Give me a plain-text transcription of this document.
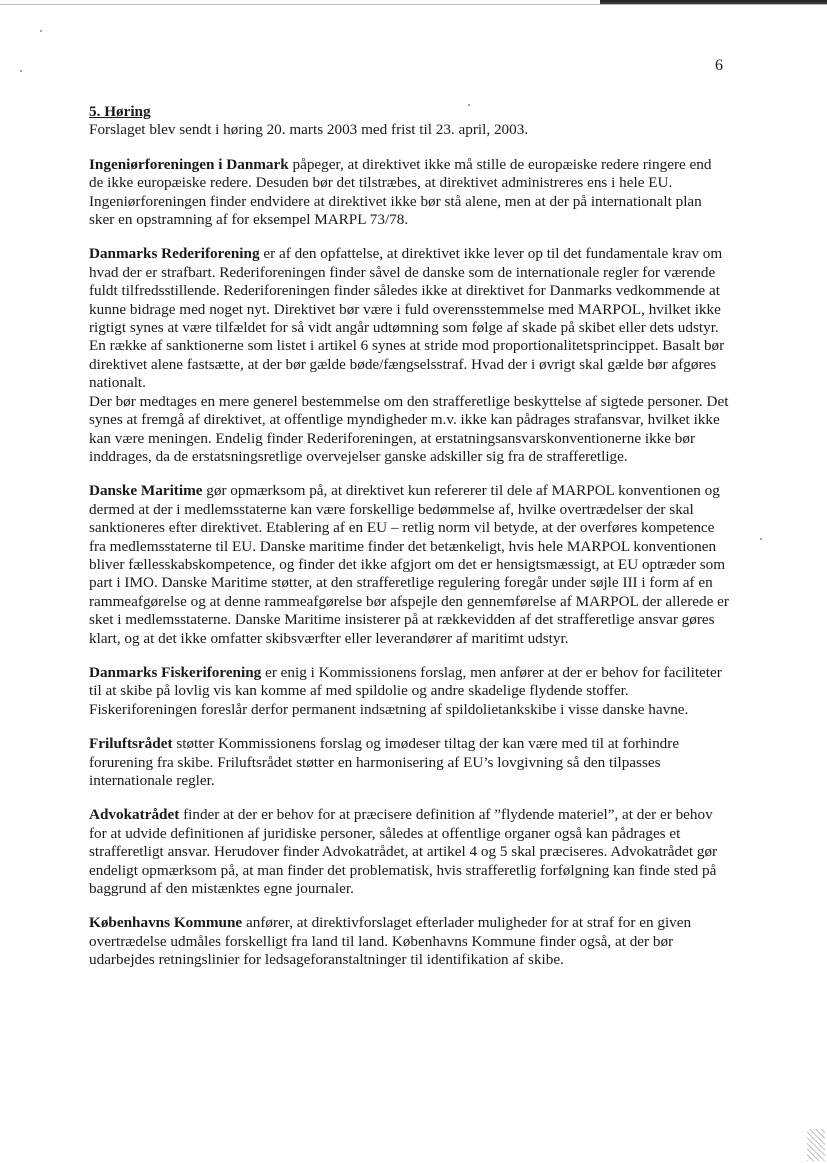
6

5. Høring
Forslaget blev sendt i høring 20. marts 2003 med frist til 23. april, 2003.

Ingeniørforeningen i Danmark påpeger, at direktivet ikke må stille de europæiske redere ringere end de ikke europæiske redere. Desuden bør det tilstræbes, at direktivet administreres ens i hele EU. Ingeniørforeningen finder endvidere at direktivet ikke bør stå alene, men at der på internationalt plan sker en opstramning af for eksempel MARPL 73/78.

Danmarks Rederiforening er af den opfattelse, at direktivet ikke lever op til det fundamentale krav om hvad der er strafbart. Rederiforeningen finder såvel de danske som de internationale regler for værende fuldt tilfredsstillende. Rederiforeningen finder således ikke at direktivet for Danmarks vedkommende at kunne bidrage med noget nyt. Direktivet bør være i fuld overensstemmelse med MARPOL, hvilket ikke rigtigt synes at være tilfældet for så vidt angår udtømning som følge af skade på skibet eller dets udstyr. En række af sanktionerne som listet i artikel 6 synes at stride mod proportionalitetsprincippet. Basalt bør direktivet alene fastsætte, at der bør gælde bøde/fængselsstraf. Hvad der i øvrigt skal gælde bør afgøres nationalt.

Der bør medtages en mere generel bestemmelse om den strafferetlige beskyttelse af sigtede personer. Det synes at fremgå af direktivet, at offentlige myndigheder m.v. ikke kan pådrages strafansvar, hvilket ikke kan være meningen. Endelig finder Rederiforeningen, at erstatningsansvarskonventionerne ikke bør inddrages, da de erstatsningsretlige overvejelser ganske adskiller sig fra de strafferetlige.

Danske Maritime gør opmærksom på, at direktivet kun refererer til dele af MARPOL konventionen og dermed at der i medlemsstaterne kan være forskellige bedømmelse af, hvilke overtrædelser der skal sanktioneres efter direktivet. Etablering af en EU – retlig norm vil betyde, at der overføres kompetence fra medlemsstaterne til EU. Danske maritime finder det betænkeligt, hvis hele MARPOL konventionen bliver fællesskabskompetence, og finder det ikke afgjort om det er hensigtsmæssigt, at EU optræder som part i IMO. Danske Maritime støtter, at den strafferetlige regulering foregår under søjle III i form af en rammeafgørelse og at denne rammeafgørelse bør afspejle den gennemførelse af MARPOL der allerede er sket i medlemsstaterne. Danske Maritime insisterer på at rækkevidden af det strafferetlige ansvar gøres klart, og at det ikke omfatter skibsværfter eller leverandører af maritimt udstyr.

Danmarks Fiskeriforening er enig i Kommissionens forslag, men anfører at der er behov for faciliteter til at skibe på lovlig vis kan komme af med spildolie og andre skadelige flydende stoffer. Fiskeriforeningen foreslår derfor permanent indsætning af spildolietankskibe i visse danske havne.

Friluftsrådet støtter Kommissionens forslag og imødeser tiltag der kan være med til at forhindre forurening fra skibe. Friluftsrådet støtter en harmonisering af EU’s lovgivning så den tilpasses internationale regler.

Advokatrådet finder at der er behov for at præcisere definition af ”flydende materiel”, at der er behov for at udvide definitionen af juridiske personer, således at offentlige organer også kan pådrages et strafferetligt ansvar. Herudover finder Advokatrådet, at artikel 4 og 5 skal præciseres. Advokatrådet gør endeligt opmærksom på, at man finder det problematisk, hvis strafferetlig forfølgning kan finde sted på baggrund af den mistænktes egne journaler.

Københavns Kommune anfører, at direktivforslaget efterlader muligheder for at straf for en given overtrædelse udmåles forskelligt fra land til land. Københavns Kommune finder også, at der bør udarbejdes retningslinier for ledsageforanstaltninger til identifikation af skibe.
